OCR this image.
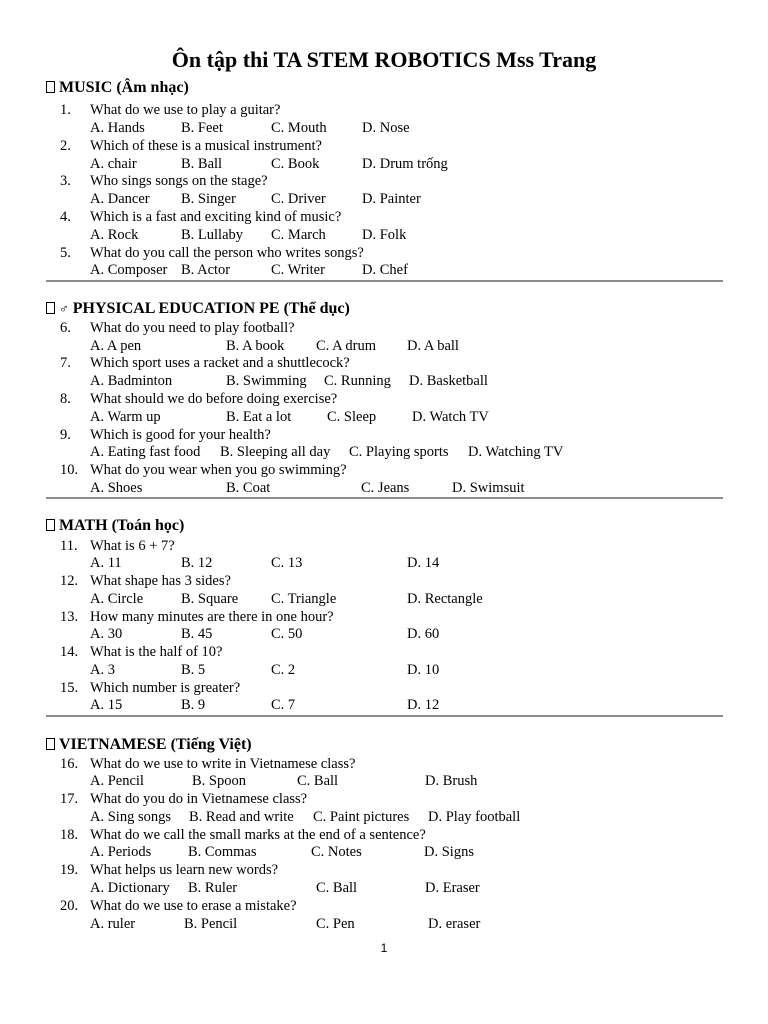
Ôn tập thi TA STEM ROBOTICS Mss Trang
MUSIC (Âm nhạc)
1. What do we use to play a guitar?
A. Hands B. Feet	C. Mouth D. Nose
2. Which of these is a musical instrument?
A. chair	B. Ball	C. Book	D. Drum trống
3. Who sings songs on the stage?
A. Dancer B. Singer C. Driver D. Painter
4. Which is a fast and exciting kind of music?
A. Rock	B. Lullaby C. March D. Folk
5. What do you call the person who writes songs?
A. Composer B. Actor	C. Writer	D. Chef
♂ PHYSICAL EDUCATION PE (Thể dục)
6. What do you need to play football?
A. A pen	B. A book C. A drum D. A ball
7. Which sport uses a racket and a shuttlecock?
A. Badminton	B. Swimming C. Running D. Basketball
8. What should we do before doing exercise?
A. Warm up	B. Eat a lot C. Sleep D. Watch TV
9. Which is good for your health?
A. Eating fast food B. Sleeping all day C. Playing sports D. Watching TV
10. What do you wear when you go swimming?
A. Shoes	B. Coat	C. Jeans	D. Swimsuit
MATH (Toán học)
11. What is 6 + 7?
A. 11	B. 12	C. 13	D. 14
12. What shape has 3 sides?
A. Circle	B. Square C. Triangle	D. Rectangle
13. How many minutes are there in one hour?
A. 30	B. 45	C. 50	D. 60
14. What is the half of 10?
A. 3	B. 5	C. 2	D. 10
15. Which number is greater?
A. 15	B. 9	C. 7	D. 12
VIETNAMESE (Tiếng Việt)
16. What do we use to write in Vietnamese class?
A. Pencil	B. Spoon	C. Ball	D. Brush
17. What do you do in Vietnamese class?
A. Sing songs B. Read and write C. Paint pictures D. Play football
18. What do we call the small marks at the end of a sentence?
A. Periods	B. Commas	C. Notes	D. Signs
19. What helps us learn new words?
A. Dictionary B. Ruler	C. Ball	D. Eraser
20. What do we use to erase a mistake?
A. ruler	B. Pencil	C. Pen	D. eraser
1
